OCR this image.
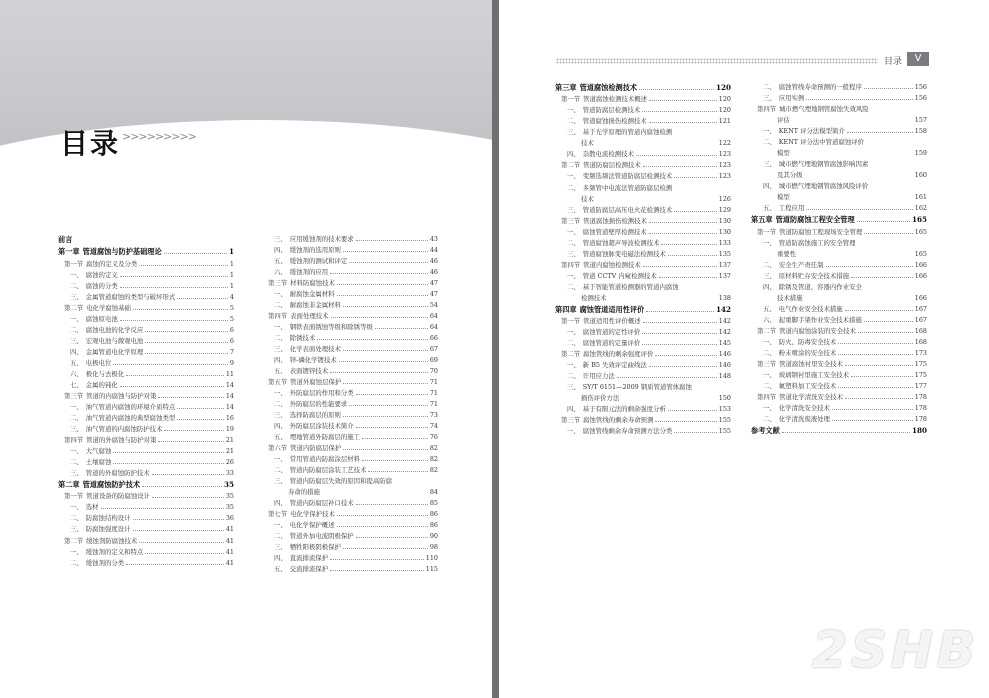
目录 >>>>>>>>>
前言
第一章 管道腐蚀与防护基础理论	1
第一节 腐蚀的定义及分类	1
一、 腐蚀的定义	1
二、 腐蚀的分类	1
三、 金属管道腐蚀的类型与破坏形式	4
第二节 电化学腐蚀基础	5
一、 腐蚀原电池	5
二、 腐蚀电池的化学反应	6
三、 宏观电池与微观电池	6
四、 金属管道电化学原理	7
五、 电极电位	9
六、 极化与去极化	11
七、 金属的钝化	14
第三节 管道的内腐蚀与防护对策	14
一、 油气管道内腐蚀的环境介质特点	14
二、 油气管道内腐蚀的典型腐蚀类型	16
三、 油气管道的内腐蚀防护技术	19
第四节 管道的外腐蚀与防护对策	21
一、 大气腐蚀	21
二、 土壤腐蚀	26
三、 管道的外腐蚀防护技术	33
第二章 管道腐蚀防护技术	35
第一节 管道设备的防腐蚀设计	35
一、 选材	35
二、 防腐蚀结构设计	36
三、 防腐蚀强度设计	41
第二节 缓蚀剂防腐蚀技术	41
一、 缓蚀剂的定义和特点	41
二、 缓蚀剂的分类	41
三、 应用缓蚀剂的技术要求	43
四、 缓蚀剂的选用原则	44
五、 缓蚀剂的测试和评定	46
六、 缓蚀剂的应用	46
第三节 材料防腐蚀技术	47
一、 耐腐蚀金属材料	47
二、 耐腐蚀非金属材料	54
第四节 表面处理技术	64
一、 钢铁表面锈蚀等级和除锈等级	64
二、 除锈技术	66
三、 化学表面处理技术	67
四、 锌-磷化学镀技术	69
五、 表面镀锌技术	70
第五节 管道外腐蚀层保护	71
一、 外防腐层的作用和分类	71
二、 外防腐层的性能要求	71
三、 选择防腐层的原则	73
四、 外防腐层涂装技术简介	74
五、 埋地管道外防腐层的施工	76
第六节 管道内防腐层保护	82
一、 常用管道内防腐涂层材料	82
二、 管道内防腐层涂装工艺技术	82
三、 管道内防腐层失效的原因和提高防腐
寿命的措施	84
四、 管道内防腐层补口技术	85
第七节 电化学保护技术	86
一、 电化学保护概述	86
二、 管道外加电流阴极保护	90
三、 牺牲阳极阴极保护	98
四、 直流排流保护	110
五、 交流排流保护	115
目录	V
第三章 管道腐蚀检测技术	120
第一节 管道腐蚀检测技术概述	120
一、 管道防腐层检测技术	120
二、 管道腐蚀损伤检测技术	121
三、 基于光学原理的管道内腐蚀检测
技术	122
四、 杂散电流检测技术	123
第二节 管道防腐层检测技术	123
一、 变频选频法管道防腐层检测技术	123
二、 多频管中电流法管道防腐层检测
技术	126
三、 管道防腐层高压电火花检测技术	129
第三节 管道腐蚀损伤检测技术	130
一、 腐蚀管道壁厚检测技术	130
二、 管道腐蚀超声导波检测技术	133
三、 管道腐蚀脉变电磁法检测技术	135
第四节 管道内腐蚀检测技术	137
一、 管道 CCTV 内窥检测技术	137
二、 基于智能管道检测器的管道内腐蚀
检测技术	138
第四章 腐蚀管道适用性评价	142
第一节 管道适用性评价概述	142
一、 腐蚀管道的定性评价	142
二、 腐蚀管道的定量评价	145
第二节 腐蚀管线的剩余强度评价	146
一、 新 B5 失效评定曲线法	146
二、 许用应力法	148
三、 SY/T 6151—2009 钢质管道管体腐蚀
损伤评价方法	150
四、 基于有限元法的剩余强度分析	153
第三节 腐蚀管线的剩余寿命预测	155
一、 腐蚀管线剩余寿命预测方法分类	155
二、 腐蚀管线寿命预测的一般程序	156
三、 应用实例	156
第四节 城市燃气埋地钢管腐蚀失效风险
评估	157
一、 KENT 评分法模型简介	158
二、 KENT 评分法中管道腐蚀评价
模型	159
三、 城市燃气埋地钢管腐蚀影响因素
及其分级	160
四、 城市燃气埋地钢管腐蚀风险评价
模型	161
五、 工程应用	162
第五章 管道防腐蚀工程安全管理	165
第一节 管道防腐蚀工程现场安全管理	165
一、 管道防腐蚀施工的安全管理
重要性	165
二、 安全生产责任制	166
三、 原材料贮存安全技术措施	166
四、 除锈及管道、容器内作业安全
技术措施	166
五、 电气作业安全技术措施	167
六、 起重脚手架作业安全技术措施	167
第二节 管道内腐蚀涂装的安全技术	168
一、 防火、防毒安全技术	168
二、 粉末喷涂的安全技术	173
第三节 管道腐蚀衬里安全技术	175
一、 玻璃钢衬里施工安全技术	175
二、 氟塑料加工安全技术	177
第四节 管道化学清洗安全技术	178
一、 化学清洗安全技术	178
二、 化学清洗废液处理	178
参考文献	180
2SHB
環保學社·COM
